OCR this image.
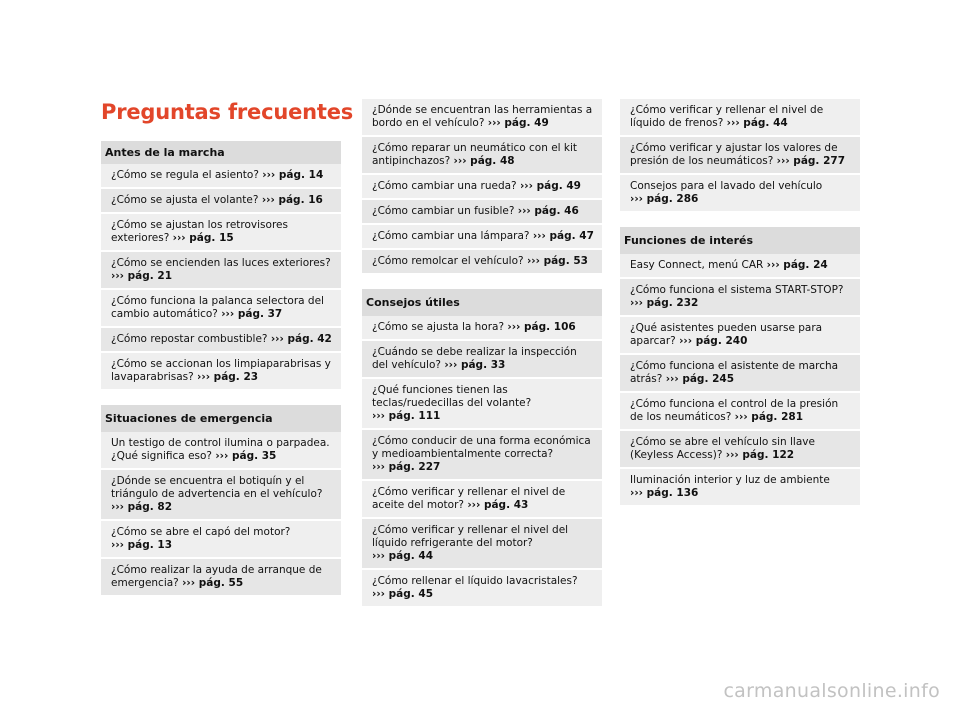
Preguntas frecuentes
Antes de la marcha
¿Cómo se regula el asiento? ››› pág. 14
¿Cómo se ajusta el volante? ››› pág. 16
¿Cómo se ajustan los retrovisores exteriores? ››› pág. 15
¿Cómo se encienden las luces exteriores? ››› pág. 21
¿Cómo funciona la palanca selectora del cambio automático? ››› pág. 37
¿Cómo repostar combustible? ››› pág. 42
¿Cómo se accionan los limpiaparabrisas y lavaparabrisas? ››› pág. 23
Situaciones de emergencia
Un testigo de control ilumina o parpadea. ¿Qué significa eso? ››› pág. 35
¿Dónde se encuentra el botiquín y el triángulo de advertencia en el vehículo? ››› pág. 82
¿Cómo se abre el capó del motor? ››› pág. 13
¿Cómo realizar la ayuda de arranque de emergencia? ››› pág. 55
¿Dónde se encuentran las herramientas a bordo en el vehículo? ››› pág. 49
¿Cómo reparar un neumático con el kit antipinchazos? ››› pág. 48
¿Cómo cambiar una rueda? ››› pág. 49
¿Cómo cambiar un fusible? ››› pág. 46
¿Cómo cambiar una lámpara? ››› pág. 47
¿Cómo remolcar el vehículo? ››› pág. 53
Consejos útiles
¿Cómo se ajusta la hora? ››› pág. 106
¿Cuándo se debe realizar la inspección del vehículo? ››› pág. 33
¿Qué funciones tienen las teclas/ruedecillas del volante? ››› pág. 111
¿Cómo conducir de una forma económica y medioambientalmente correcta? ››› pág. 227
¿Cómo verificar y rellenar el nivel de aceite del motor? ››› pág. 43
¿Cómo verificar y rellenar el nivel del líquido refrigerante del motor? ››› pág. 44
¿Cómo rellenar el líquido lavacristales? ››› pág. 45
¿Cómo verificar y rellenar el nivel de líquido de frenos? ››› pág. 44
¿Cómo verificar y ajustar los valores de presión de los neumáticos? ››› pág. 277
Consejos para el lavado del vehículo ››› pág. 286
Funciones de interés
Easy Connect, menú CAR ››› pág. 24
¿Cómo funciona el sistema START-STOP? ››› pág. 232
¿Qué asistentes pueden usarse para aparcar? ››› pág. 240
¿Cómo funciona el asistente de marcha atrás? ››› pág. 245
¿Cómo funciona el control de la presión de los neumáticos? ››› pág. 281
¿Cómo se abre el vehículo sin llave (Keyless Access)? ››› pág. 122
Iluminación interior y luz de ambiente ››› pág. 136
carmanualsonline.info
